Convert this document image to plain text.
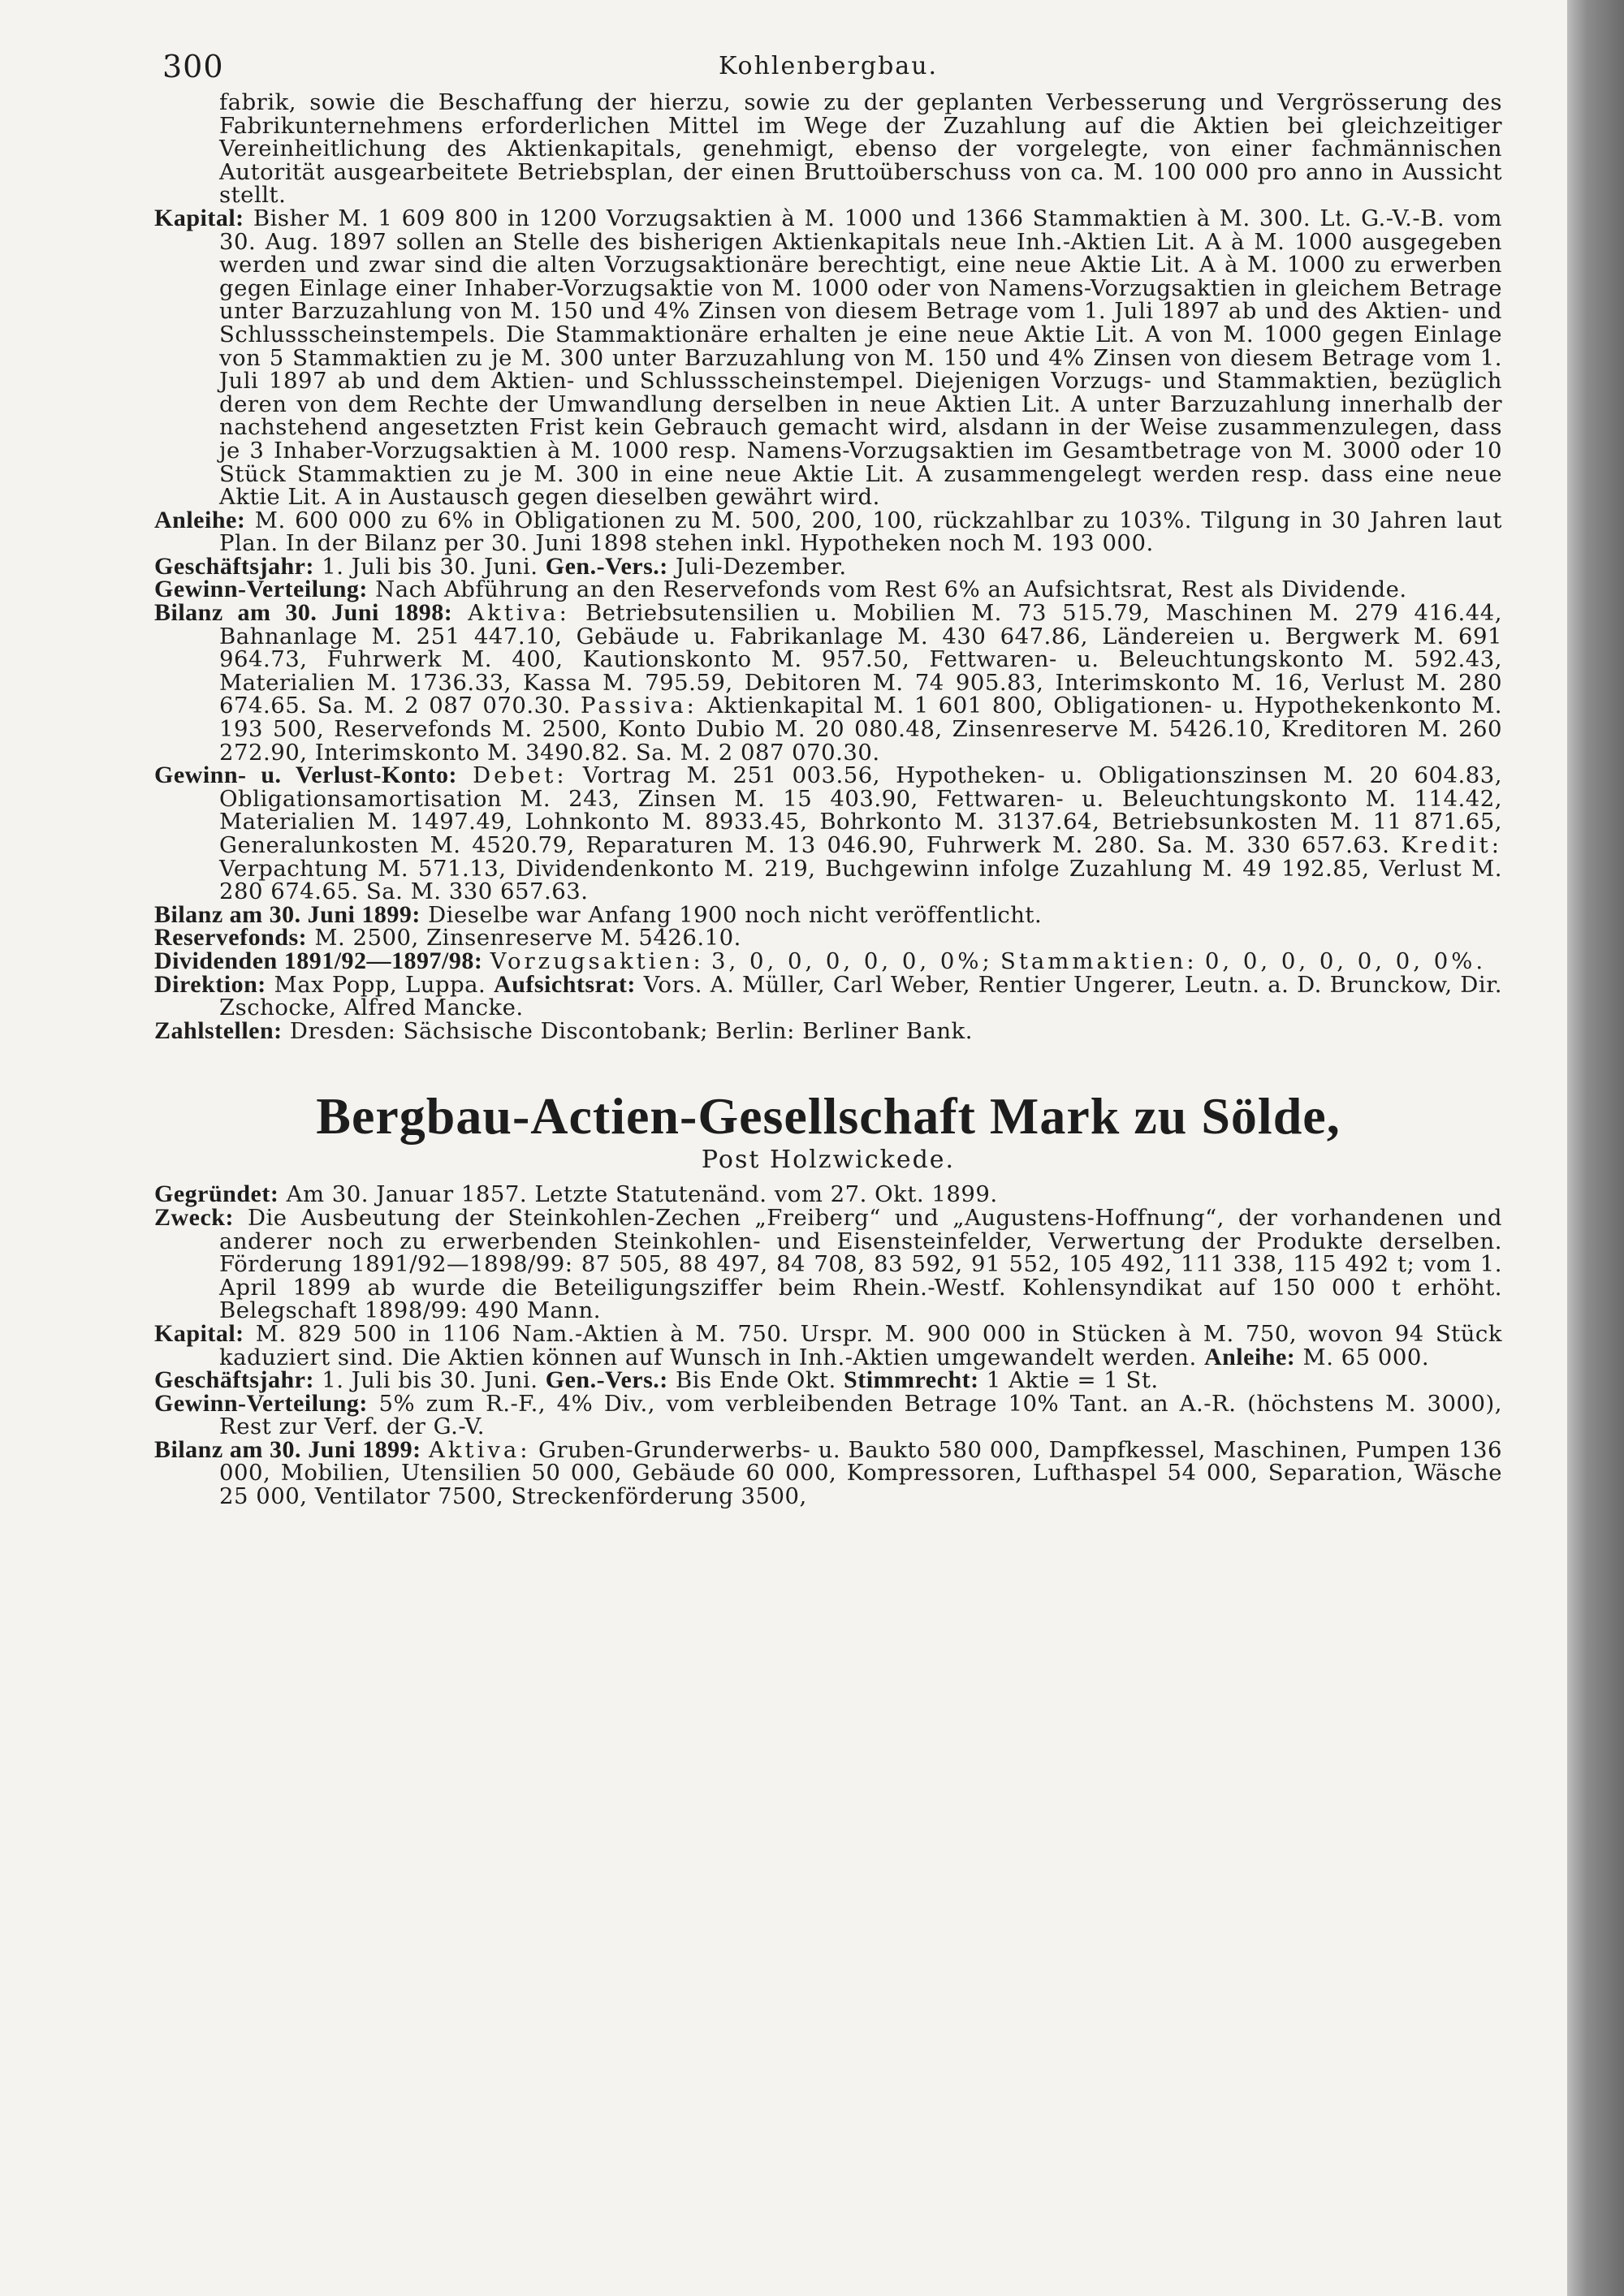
300	Kohlenbergbau.

fabrik, sowie die Beschaffung der hierzu, sowie zu der geplanten Verbesserung und Vergrösserung des Fabrikunternehmens erforderlichen Mittel im Wege der Zuzahlung auf die Aktien bei gleichzeitiger Vereinheitlichung des Aktienkapitals, genehmigt, ebenso der vorgelegte, von einer fachmännischen Autorität ausgearbeitete Betriebsplan, der einen Bruttoüberschuss von ca. M. 100 000 pro anno in Aussicht stellt.

Kapital: Bisher M. 1 609 800 in 1200 Vorzugsaktien à M. 1000 und 1366 Stammaktien à M. 300. Lt. G.-V.-B. vom 30. Aug. 1897 sollen an Stelle des bisherigen Aktienkapitals neue Inh.-Aktien Lit. A à M. 1000 ausgegeben werden und zwar sind die alten Vorzugsaktionäre berechtigt, eine neue Aktie Lit. A à M. 1000 zu erwerben gegen Einlage einer Inhaber-Vorzugsaktie von M. 1000 oder von Namens-Vorzugsaktien in gleichem Betrage unter Barzuzahlung von M. 150 und 4% Zinsen von diesem Betrage vom 1. Juli 1897 ab und des Aktien- und Schlussscheinstempels. Die Stammaktionäre erhalten je eine neue Aktie Lit. A von M. 1000 gegen Einlage von 5 Stammaktien zu je M. 300 unter Barzuzahlung von M. 150 und 4% Zinsen von diesem Betrage vom 1. Juli 1897 ab und dem Aktien- und Schlussscheinstempel. Diejenigen Vorzugs- und Stammaktien, bezüglich deren von dem Rechte der Umwandlung derselben in neue Aktien Lit. A unter Barzuzahlung innerhalb der nachstehend angesetzten Frist kein Gebrauch gemacht wird, alsdann in der Weise zusammenzulegen, dass je 3 Inhaber-Vorzugsaktien à M. 1000 resp. Namens-Vorzugsaktien im Gesamtbetrage von M. 3000 oder 10 Stück Stammaktien zu je M. 300 in eine neue Aktie Lit. A zusammengelegt werden resp. dass eine neue Aktie Lit. A in Austausch gegen dieselben gewährt wird.

Anleihe: M. 600 000 zu 6% in Obligationen zu M. 500, 200, 100, rückzahlbar zu 103%. Tilgung in 30 Jahren laut Plan. In der Bilanz per 30. Juni 1898 stehen inkl. Hypotheken noch M. 193 000.

Geschäftsjahr: 1. Juli bis 30. Juni. Gen.-Vers.: Juli-Dezember.

Gewinn-Verteilung: Nach Abführung an den Reservefonds vom Rest 6% an Aufsichtsrat, Rest als Dividende.

Bilanz am 30. Juni 1898: Aktiva: Betriebsutensilien u. Mobilien M. 73 515.79, Maschinen M. 279 416.44, Bahnanlage M. 251 447.10, Gebäude u. Fabrikanlage M. 430 647.86, Ländereien u. Bergwerk M. 691 964.73, Fuhrwerk M. 400, Kautionskonto M. 957.50, Fettwaren- u. Beleuchtungskonto M. 592.43, Materialien M. 1736.33, Kassa M. 795.59, Debitoren M. 74 905.83, Interimskonto M. 16, Verlust M. 280 674.65. Sa. M. 2 087 070.30. Passiva: Aktienkapital M. 1 601 800, Obligationen- u. Hypothekenkonto M. 193 500, Reservefonds M. 2500, Konto Dubio M. 20 080.48, Zinsenreserve M. 5426.10, Kreditoren M. 260 272.90, Interimskonto M. 3490.82. Sa. M. 2 087 070.30.

Gewinn- u. Verlust-Konto: Debet: Vortrag M. 251 003.56, Hypotheken- u. Obligationszinsen M. 20 604.83, Obligationsamortisation M. 243, Zinsen M. 15 403.90, Fettwaren- u. Beleuchtungskonto M. 114.42, Materialien M. 1497.49, Lohnkonto M. 8933.45, Bohrkonto M. 3137.64, Betriebsunkosten M. 11 871.65, Generalunkosten M. 4520.79, Reparaturen M. 13 046.90, Fuhrwerk M. 280. Sa. M. 330 657.63. Kredit: Verpachtung M. 571.13, Dividendenkonto M. 219, Buchgewinn infolge Zuzahlung M. 49 192.85, Verlust M. 280 674.65. Sa. M. 330 657.63.

Bilanz am 30. Juni 1899: Dieselbe war Anfang 1900 noch nicht veröffentlicht.

Reservefonds: M. 2500, Zinsenreserve M. 5426.10.

Dividenden 1891/92—1897/98: Vorzugsaktien: 3, 0, 0, 0, 0, 0, 0%; Stammaktien: 0, 0, 0, 0, 0, 0, 0%.

Direktion: Max Popp, Luppa. Aufsichtsrat: Vors. A. Müller, Carl Weber, Rentier Ungerer, Leutn. a. D. Brunckow, Dir. Zschocke, Alfred Mancke.

Zahlstellen: Dresden: Sächsische Discontobank; Berlin: Berliner Bank.

Bergbau-Actien-Gesellschaft Mark zu Sölde,
Post Holzwickede.

Gegründet: Am 30. Januar 1857. Letzte Statutenänd. vom 27. Okt. 1899.

Zweck: Die Ausbeutung der Steinkohlen-Zechen „Freiberg“ und „Augustens-Hoffnung“, der vorhandenen und anderer noch zu erwerbenden Steinkohlen- und Eisensteinfelder, Verwertung der Produkte derselben. Förderung 1891/92—1898/99: 87 505, 88 497, 84 708, 83 592, 91 552, 105 492, 111 338, 115 492 t; vom 1. April 1899 ab wurde die Beteiligungsziffer beim Rhein.-Westf. Kohlensyndikat auf 150 000 t erhöht. Belegschaft 1898/99: 490 Mann.

Kapital: M. 829 500 in 1106 Nam.-Aktien à M. 750. Urspr. M. 900 000 in Stücken à M. 750, wovon 94 Stück kaduziert sind. Die Aktien können auf Wunsch in Inh.-Aktien umgewandelt werden. Anleihe: M. 65 000.

Geschäftsjahr: 1. Juli bis 30. Juni. Gen.-Vers.: Bis Ende Okt. Stimmrecht: 1 Aktie = 1 St.

Gewinn-Verteilung: 5% zum R.-F., 4% Div., vom verbleibenden Betrage 10% Tant. an A.-R. (höchstens M. 3000), Rest zur Verf. der G.-V.

Bilanz am 30. Juni 1899: Aktiva: Gruben-Grunderwerbs- u. Baukto 580 000, Dampfkessel, Maschinen, Pumpen 136 000, Mobilien, Utensilien 50 000, Gebäude 60 000, Kompressoren, Lufthaspel 54 000, Separation, Wäsche 25 000, Ventilator 7500, Streckenförderung 3500,
